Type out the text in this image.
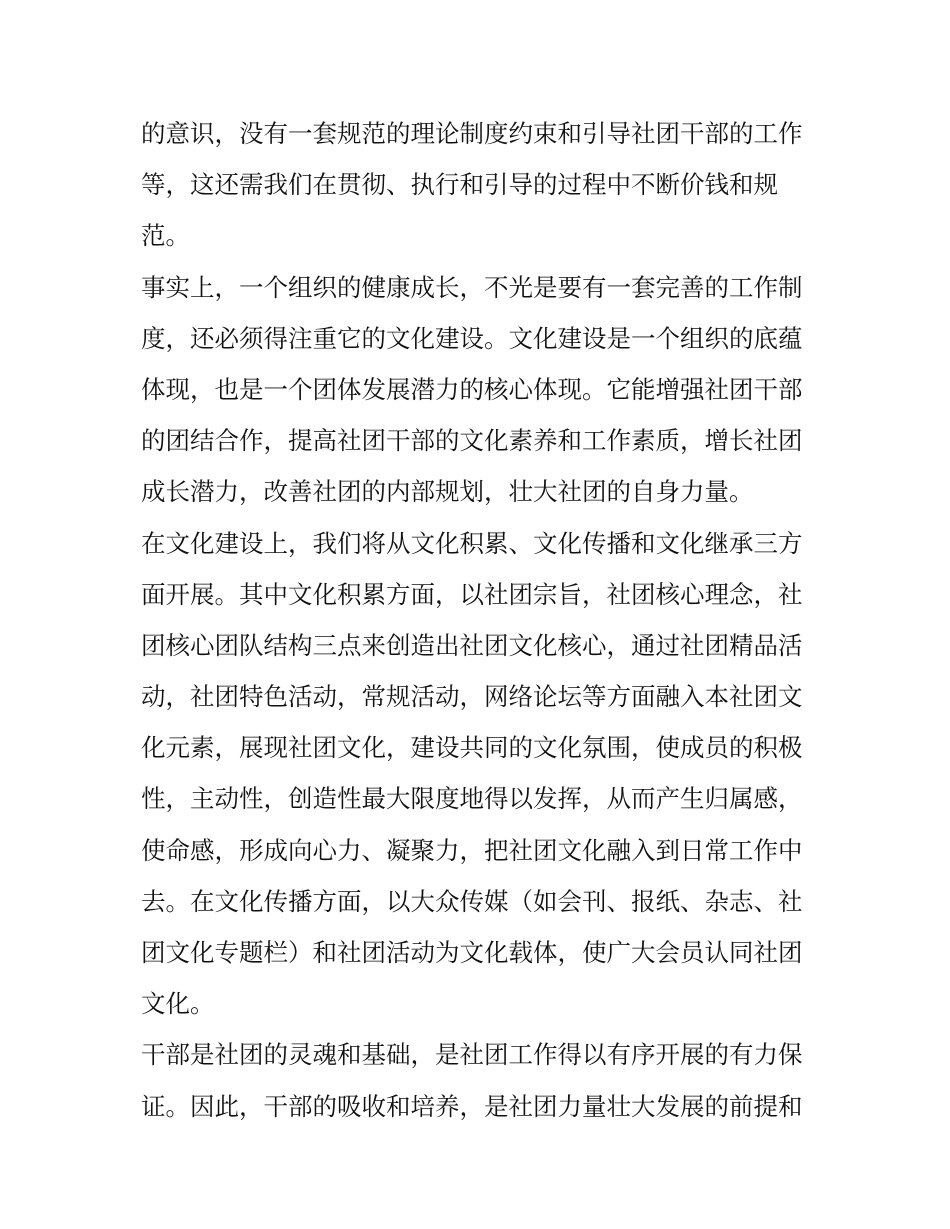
的意识，没有一套规范的理论制度约束和引导社团干部的工作
等，这还需我们在贯彻、执行和引导的过程中不断价钱和规
范。
事实上，一个组织的健康成长，不光是要有一套完善的工作制
度，还必须得注重它的文化建设。文化建设是一个组织的底蕴
体现，也是一个团体发展潜力的核心体现。它能增强社团干部
的团结合作，提高社团干部的文化素养和工作素质，增长社团
成长潜力，改善社团的内部规划，壮大社团的自身力量。
在文化建设上，我们将从文化积累、文化传播和文化继承三方
面开展。其中文化积累方面，以社团宗旨，社团核心理念，社
团核心团队结构三点来创造出社团文化核心，通过社团精品活
动，社团特色活动，常规活动，网络论坛等方面融入本社团文
化元素，展现社团文化，建设共同的文化氛围，使成员的积极
性，主动性，创造性最大限度地得以发挥，从而产生归属感，
使命感，形成向心力、凝聚力，把社团文化融入到日常工作中
去。在文化传播方面，以大众传媒（如会刊、报纸、杂志、社
团文化专题栏）和社团活动为文化载体，使广大会员认同社团
文化。
干部是社团的灵魂和基础，是社团工作得以有序开展的有力保
证。因此，干部的吸收和培养，是社团力量壮大发展的前提和
